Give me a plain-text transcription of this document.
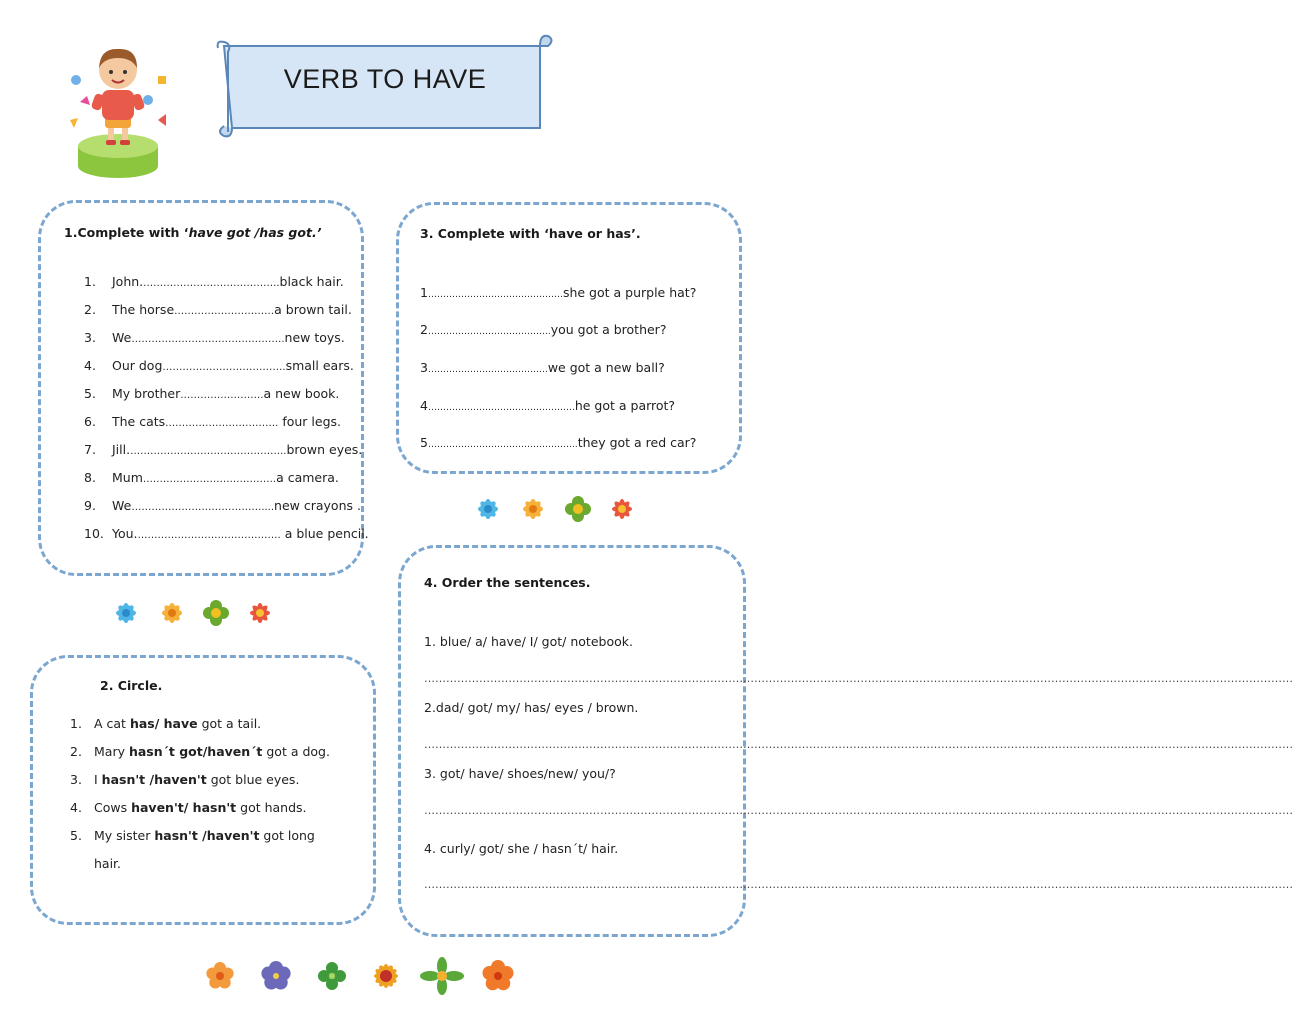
VERB TO HAVE
1.Complete with ‘have got /has got.’
1. John.…………………………………..black hair.
2. The horse…………………………a brown tail.
3. We……………………………………….new toys.
4. Our dog……………………………….small ears.
5. My brother…………………….a new book.
6. The cats……………………………. four legs.
7. Jill.………………………………………..brown eyes.
8. Mum………………………………….a camera.
9. We…………………………………....new crayons .
10. You.……………………………………. a blue pencil.
2. Circle.
1. A cat has/ have got a tail.
2. Mary hasn´t got/haven´t got a dog.
3. I hasn't /haven't got blue eyes.
4. Cows haven't/ hasn't got hands.
5. My sister hasn't /haven't got long
hair.
3. Complete with ‘have or has’.
1………………………………………she got a purple hat?
2…………………………………..you got a brother?
3………………………………….we got a new ball?
4………………………………………….he got a parrot?
5…………………………………………..they got a red car?
4. Order the sentences.
1. blue/ a/ have/ I/ got/ notebook.
…………………………………………………………………………………………………………………………………………………………………………………………………………………
2.dad/ got/ my/ has/ eyes / brown.
…………………………………………………………………………………………………………………………………………………………………………………………………………………
3. got/ have/ shoes/new/ you/?
…………………………………………………………………………………………………………………………………………………………………………………………………………………
4. curly/ got/ she / hasn´t/ hair.
…………………………………………………………………………………………………………………………………………………………………………………………………………………
